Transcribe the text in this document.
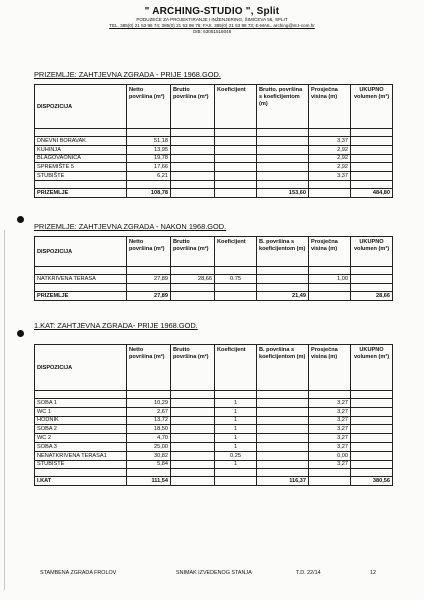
" ARCHING-STUDIO ", Split
PODUZEĆE ZA PROJEKTIRANJE I INŽENJERING, ŠIMIĆEVA 56, SPLIT
TEL. 385(0) 21 53 96 74; 385(0) 21 53 98 76; FAX. 385(0) 21 53 98 73; E-MAIL. arching@st.t-com.hr
OIB: 63051518045
PRIZEMLJE: ZAHTJEVNA ZGRADA - PRIJE 1968.GOD.
DISPOZICIJA	Netto površina (m²)	Brutto površina (m²)	Koeficijent	Brutto. površina s koeficijentom (m)	Prosječna visina (m)	UKUPNO volumen (m³)

DNEVNI BORAVAK	51,18				3,37	
KUHINJA	13,95				2,92	
BLAGOVAONICA	19,78				2,92	
SPREMIŠTE 5	17,66				2,92	
STUBIŠTE	6,21				3,37	

PRIZEMLJE	108,78			153,60		484,80
PRIZEMLJE: ZAHTJEVNA ZGRADA - NAKON 1968.GOD.
DISPOZICIJA	Netto površina (m²)	Brutto površina (m²)	Koeficijent	B. površina s koeficijentom (m)	Prosječna visina (m)	UKUPNO volumen (m³)

NATKRIVENA TERASA	27,89	28,66	0.75		1,00	

PRIZEMLJE	27,89			21,49		28,66
1.KAT: ZAHTJEVNA ZGRADA- PRIJE 1968.GOD.
DISPOZICIJA	Netto površina (m²)	Brutto površina (m²)	Koeficijent	B. površina s koeficijentom (m)	Prosječna visina (m)	UKUPNO volumen (m³)

SOBA 1	10,29		1		3,27	
WC 1	2,67		1		3,27	
HODNIK	13,72		1		3,27	
SOBA 2	18,50		1		3,27	
WC 2	4,70		1		3,27	
SOBA 3	25,00		1		3,27	
NENATKRIVENA TERASA1	30,82		0.25		0,00	
STUBIŠTE	5,84		1		3,27	

I.KAT	111,54			116,37		380,56
STAMBENA ZGRADA FROLOV	SNIMAK IZVEDENOG STANJA	T.D. 22/14	12
